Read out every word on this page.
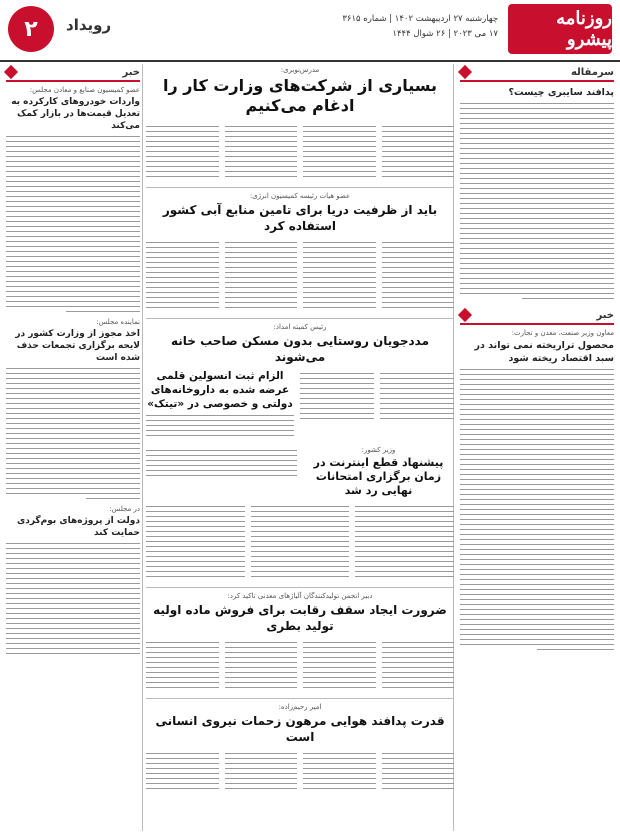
۲	رویداد	روزنامه پیشرو
چهارشنبه ۲۷ اردیبهشت ۱۴۰۲ | شماره ۳۶۱۵
۱۷ می ۲۰۲۳ | ۲۶ شوال ۱۴۴۴
سرمقاله
پدافند سایبری چیست؟
خبر
معاون وزیر صنعت، معدن و تجارت:
محصول تراریخته نمی تواند در سبد اقتصاد ریخته شود
خبر
عضو کمیسیون صنایع و معادن مجلس:
واردات خودروهای کارکرده به تعدیل قیمت‌ها در بازار کمک می‌کند
نماینده مجلس:
اخذ مجوز از وزارت کشور در لایحه برگزاری تجمعات حذف شده است
در مجلس:
دولت از پروژه‌های بوم‌گردی حمایت کند
مدرس‌نوبری:
بسیاری از شرکت‌های وزارت کار را ادغام می‌کنیم
عضو هیات رئیسه کمیسیون انرژی:
باید از ظرفیت دریا برای تامین منابع آبی کشور استفاده کرد
رئیس کمیته امداد:
مددجویان روستایی بدون مسکن صاحب خانه می‌شوند
الزام ثبت انسولین قلمی عرضه شده به داروخانه‌های دولتی و خصوصی در «تیتک»
وزیر کشور:
پیشنهاد قطع اینترنت در زمان برگزاری امتحانات نهایی رد شد
دبیر انجمن تولیدکنندگان آلیاژهای معدنی تاکید کرد:
ضرورت ایجاد سقف رقابت برای فروش ماده اولیه تولید بطری
امیر رحیم‌زاده:
قدرت پدافند هوایی مرهون زحمات نیروی انسانی است
